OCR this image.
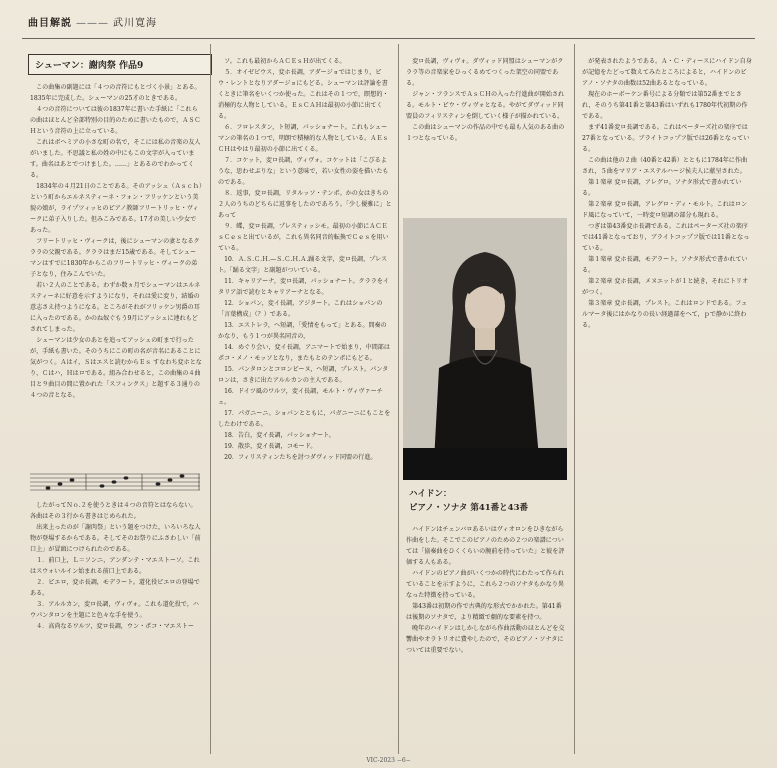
曲目解説 ——— 武川寛海
シューマン：謝肉祭 作品9

この曲集の副題には「４つの音符にもとづく小景」とある。1835年に完成した。シューマンの25才のときである。

４つの音符については彼の1837年に書いた手紙に「これらの曲はほとんど全部特別の目的のために書いたもので，ＡＳＣＨという音符の上に立っている。

これはボヘミアの小さな町の名で，そこには私の音楽の友人がいました。不思議と私の姓の中にもこの文字が入っています。曲名はあとでつけました。……」とあるのでわかってくる。

1834年の４月21日のことである。そのアッシュ（Ａｓｃｈ）という町からエルネスティーネ・フォン・フリッケンという美貌の娘が，ライプツィッヒのピアノ教師フリートリッヒ・ヴィークに弟子入りした。但みこみである。17才の美しい少女であった。

フリートリッヒ・ヴィークは，後にシューマンの妻となるクララの父親である。クララはまだ15歳である。そしてシューマンはすでに1830年からこのフリートリッヒ・ヴィークの弟子となり，住みこんでいた。

若い２人のことである。わずか数ヵ月でシューマンはエルネスティーネに好意を示すようになり，それは愛に変り，結婚の意志さえ持つようになる。ところがそれがフリッケン男爵の耳に入ったのである。かのね奴ぐもう9月にアッシュに連れもどされてしまった。

シューマンは少女のあとを追ってアッシュの町まで行ったが，手紙も書いた。そのうちにこの町の名が音名にあることに気がつく。Ａはイ，Ｓはエスと読むからＥｓ すなわち変ホとなり，Ｃはハ，Ｈはロである。組み合わせると，この曲集の４曲目と９曲目の間に置かれた「スフィンクス」と題する３通りの４つの音となる。

したがってＮｏ.２を使うときは４つの音符とはならない。各曲はその３行から書きはじめられた。

出来上ったのが「謝肉祭」という題をつけた，いろいろな人物が登場するからである。そしてそのお祭りにふさわしい「前口上」が冒頭につけられたのである。

１．前口上，Ｌ＝ソンニ，アンダンテ・マエストーソ。これはスウォいルイン始まれる前口上である。

２．ピエロ，変ホ長調，モデラート。道化役ピエロの登場である。

３．アルルカン，変ロ長調，ヴィヴォ。これも道化役で，ハウパンタロンを主題にと色々な手を使う。

４．高尚なるワルツ，変ロ長調，ウン・ポコ・マエストー

ソ。これも最初からＡＣＥｓＨが出てくる。

５．オイゼビウス，変ホ長調，アダージョではじまり，ピウ・レントとなりアダージョにもどる。シューマンは評論を書くときに筆名をいくつか使った。これはその１つで，瞑想的・消極的な人物としている。ＥｓＣＡＨは最初の小節に出てくる。

６．フロレスタン，ト短調，パッショナート。これもシューマンの筆名の１つで，明朗で積極的な人物としている。ＡＥｓＣＨはやはり最初の小節に出てくる。

７．コケット，変ロ長調，ヴィヴォ。コケットは「こびるような，思わせぶりな」という意味で，若い女性の姿を描いたものである。

８．返事，変ロ長調，リタルッソ・テンポ。かの女はきちの２人のうちのどちらに返事をしたのであろう。「少し優雅に」とあって

９．蝶，変ロ長調，プレスティッシモ。最初の小節にＡＣＥｓＣｅｓと出ているが，これも異名同音的転換でＣｅｓを用いている。

10．Ａ.Ｓ.Ｃ.Ｈ.—Ｓ.Ｃ.Ｈ.Ａ.踊る文字，変ロ長調，プレスト。「踊る文字」と副題がついている。

11．キャリアーナ，変ロ長調，パッショナート。クララをイタリア語で読むとキャリアーナとなる。

12．ショパン，変イ長調，アジタート。これはショパンの「言葉構成」（？）である。

13．エストレラ，ヘ短調，「愛情をもって」とある。間奏のかなり，もう１つが異名同音の，

14．めぐり会い，変イ長調，アニマートで始まり，中間部はポコ・メノ・モッソとなり，またもとのテンポにもどる。

15．パンタロンとコロンビーヌ，ヘ短調，プレスト。パンタロンは，さきに出たアルルカンの主人である。

16．ドイツ風のワルツ，変イ長調，モルト・ヴィヴァーチェ。

17．パガニーニ。ショパンとともに，パガニーニにもことをしたわけである。

18．告白，変イ長調，パッショナート。

19．散歩，変イ長調，コモード。

20．フィリスティンたちを討つダヴィッド同盟の行進。

変ロ長調，ヴィヴォ。ダヴィッド同盟はシューマンがクララ等の音楽家をひっくるめてつくった架空の同盟である。

ジャン・フランスでＡｓＣＨの入った行進曲が開始される。モルト・ピウ・ヴィヴォとなる。やがてダヴィッド同盟員のフィリスティンを倒していく様子が描かれている。

この曲はシューマンの作品の中でも最も人気のある曲の１つとなっている。

ハイドン：
ピアノ・ソナタ 第41番と43番

ハイドンはチェンバロあるいはヴィオロンをひきながら作曲をした。そこでこのピアノのための２つの楽譜については「協奏曲をひくくらいの腕前を持っていた」と彼を評価する人もある。

ハイドンのピアノ曲がいくつかの時代にわたって作られていることを示すように，これら２つのソナタもかなり異なった特徴を持っている。

第43番は初期の作で古典的な形式でかかれた。第41番は後期のソナタで，より精緻で劇的な要素を持つ。

晩年のハイドンはしかしながら作曲活動のほとんどを交響曲やオラトリオに費やしたので，そのピアノ・ソナタについては重要でない。

が発表されたようである。Ａ・Ｃ・ディースにハイドン自身が記憶をたどって数えてみたところによると，ハイドンのピアノ・ソナタの曲数は52曲あるとなっている。

現在のホーボーケン番号による分類では第52番までとされ，そのうち第41番と第43番はいずれも1780年代初期の作である。

まず41番変ロ長調である。これはペーターズ社の楽序では27番となっている。ブライトコップフ版では26番となっている。

この曲は他の２曲（40番と42番）とともに1784年に作曲され，５曲をマリア・エステルハージ侯夫人に献呈された。

第１楽章 変ロ長調，アレグロ。ソナタ形式で書かれている。

第２楽章 変ロ長調，アレグロ・ディ・モルト。これはロンド風になっていて，一時変ロ短調の部分も現れる。

つぎは第43番変ホ長調である。これはペーターズ社の楽序では41番となっており，ブライトコップフ版では11番となっている。

第１楽章 変ホ長調，モデラート。ソナタ形式で書かれている。

第２楽章 変ホ長調，メヌエットが１と続き，それにトリオがつく。

第３楽章 変ホ長調，プレスト。これはロンドである。フェルマータ後にはかなりの長い経過部をへて，ｐで静かに終わる。

VIC-2023 −6−
